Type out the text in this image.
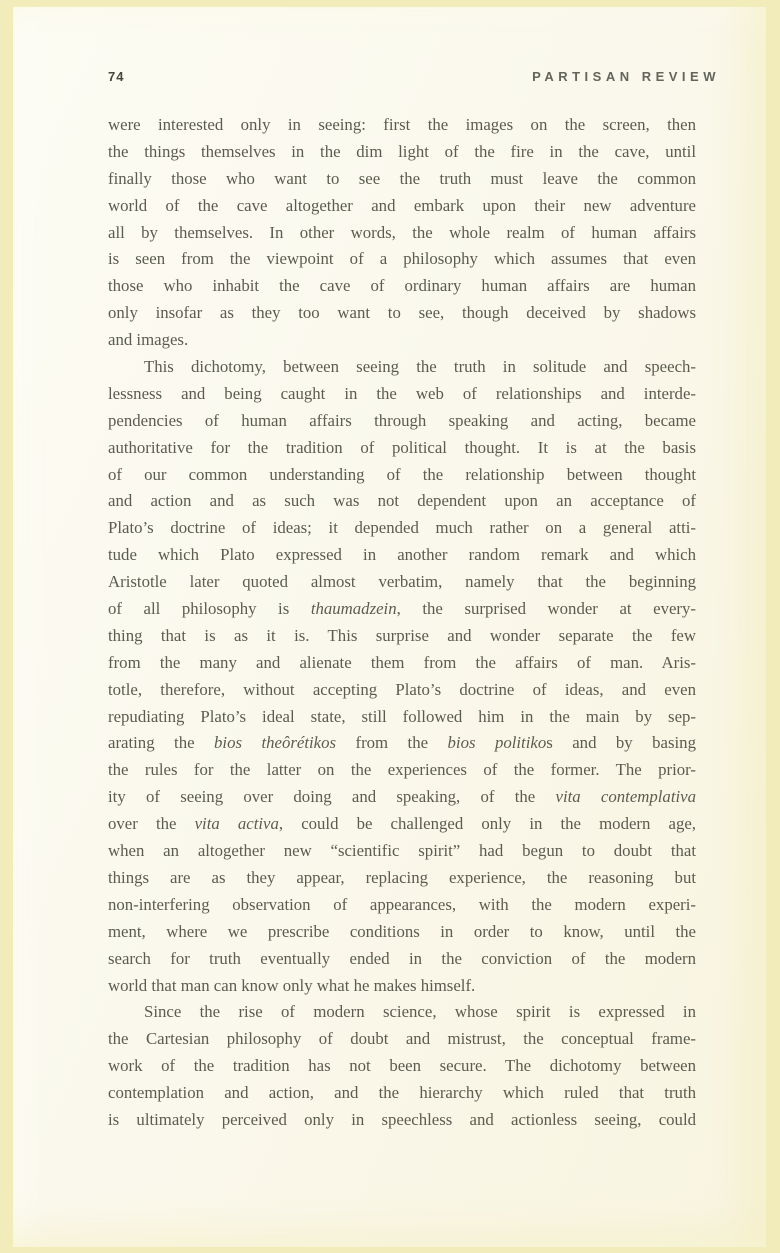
74	PARTISAN REVIEW
were interested only in seeing: first the images on the screen, then
the things themselves in the dim light of the fire in the cave, until
finally those who want to see the truth must leave the common
world of the cave altogether and embark upon their new adventure
all by themselves. In other words, the whole realm of human affairs
is seen from the viewpoint of a philosophy which assumes that even
those who inhabit the cave of ordinary human affairs are human
only insofar as they too want to see, though deceived by shadows
and images.
This dichotomy, between seeing the truth in solitude and speech-
lessness and being caught in the web of relationships and interde-
pendencies of human affairs through speaking and acting, became
authoritative for the tradition of political thought. It is at the basis
of our common understanding of the relationship between thought
and action and as such was not dependent upon an acceptance of
Plato’s doctrine of ideas; it depended much rather on a general atti-
tude which Plato expressed in another random remark and which
Aristotle later quoted almost verbatim, namely that the beginning
of all philosophy is thaumadzein, the surprised wonder at every-
thing that is as it is. This surprise and wonder separate the few
from the many and alienate them from the affairs of man. Aris-
totle, therefore, without accepting Plato’s doctrine of ideas, and even
repudiating Plato’s ideal state, still followed him in the main by sep-
arating the bios theôrétikos from the bios politikos and by basing
the rules for the latter on the experiences of the former. The prior-
ity of seeing over doing and speaking, of the vita contemplativa
over the vita activa, could be challenged only in the modern age,
when an altogether new “scientific spirit” had begun to doubt that
things are as they appear, replacing experience, the reasoning but
non-interfering observation of appearances, with the modern experi-
ment, where we prescribe conditions in order to know, until the
search for truth eventually ended in the conviction of the modern
world that man can know only what he makes himself.
Since the rise of modern science, whose spirit is expressed in
the Cartesian philosophy of doubt and mistrust, the conceptual frame-
work of the tradition has not been secure. The dichotomy between
contemplation and action, and the hierarchy which ruled that truth
is ultimately perceived only in speechless and actionless seeing, could
